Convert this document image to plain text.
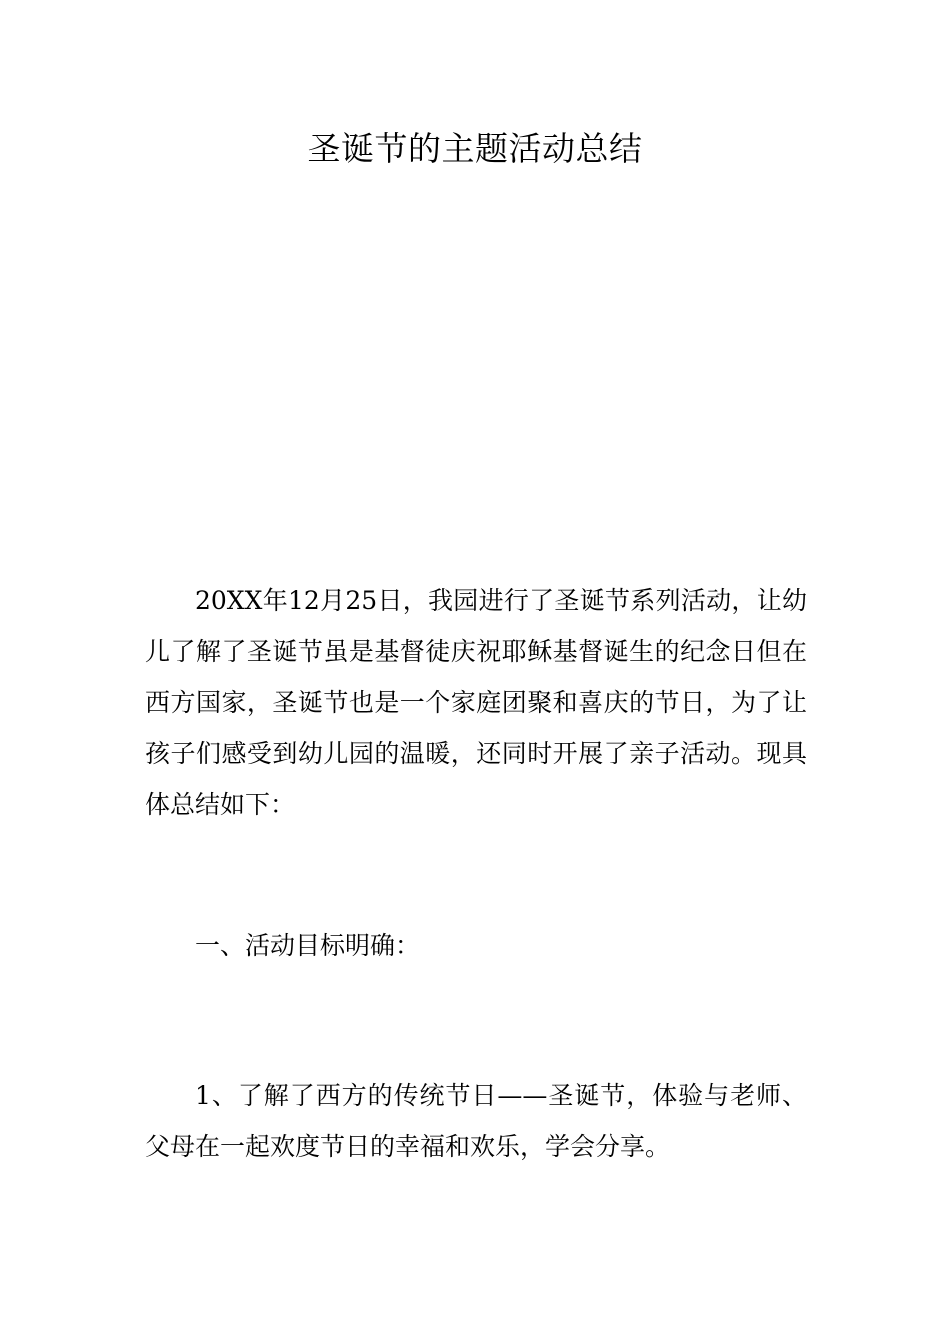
圣诞节的主题活动总结

20XX年12月25日，我园进行了圣诞节系列活动，让幼儿了解了圣诞节虽是基督徒庆祝耶稣基督诞生的纪念日但在西方国家，圣诞节也是一个家庭团聚和喜庆的节日，为了让孩子们感受到幼儿园的温暖，还同时开展了亲子活动。现具体总结如下：

一、活动目标明确：

1、了解了西方的传统节日——圣诞节，体验与老师、父母在一起欢度节日的幸福和欢乐，学会分享。
